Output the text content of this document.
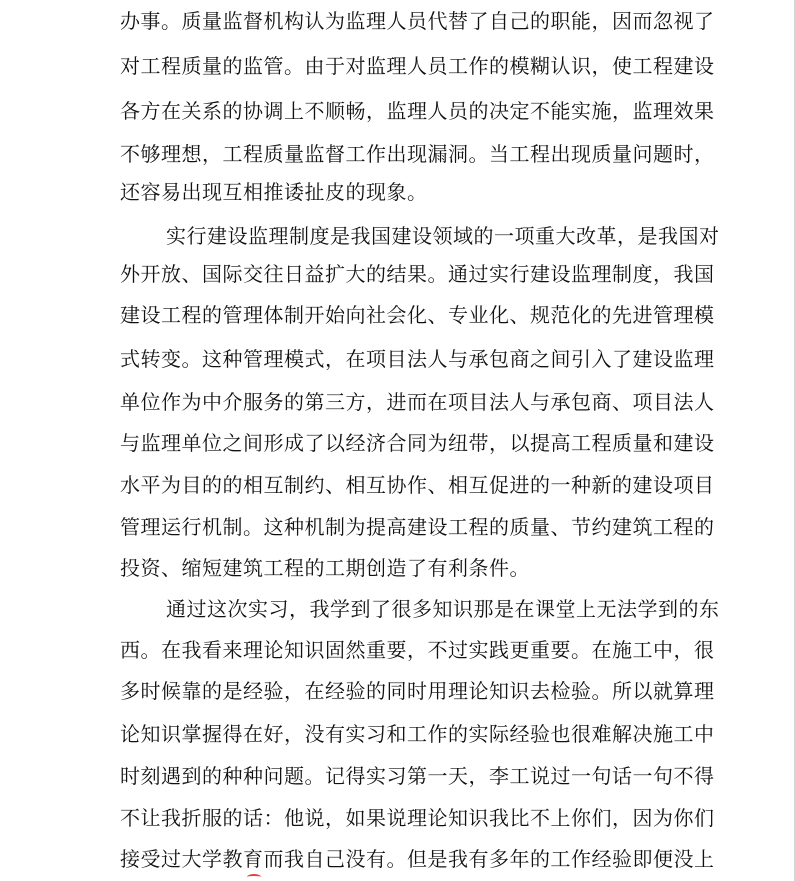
办事。质量监督机构认为监理人员代替了自己的职能，因而忽视了
对工程质量的监管。由于对监理人员工作的模糊认识，使工程建设
各方在关系的协调上不顺畅，监理人员的决定不能实施，监理效果
不够理想，工程质量监督工作出现漏洞。当工程出现质量问题时，
还容易出现互相推诿扯皮的现象。
实行建设监理制度是我国建设领域的一项重大改革，是我国对
外开放、国际交往日益扩大的结果。通过实行建设监理制度，我国
建设工程的管理体制开始向社会化、专业化、规范化的先进管理模
式转变。这种管理模式，在项目法人与承包商之间引入了建设监理
单位作为中介服务的第三方，进而在项目法人与承包商、项目法人
与监理单位之间形成了以经济合同为纽带，以提高工程质量和建设
水平为目的的相互制约、相互协作、相互促进的一种新的建设项目
管理运行机制。这种机制为提高建设工程的质量、节约建筑工程的
投资、缩短建筑工程的工期创造了有利条件。
通过这次实习，我学到了很多知识那是在课堂上无法学到的东
西。在我看来理论知识固然重要，不过实践更重要。在施工中，很
多时候靠的是经验，在经验的同时用理论知识去检验。所以就算理
论知识掌握得在好，没有实习和工作的实际经验也很难解决施工中
时刻遇到的种种问题。记得实习第一天，李工说过一句话一句不得
不让我折服的话：他说，如果说理论知识我比不上你们，因为你们
接受过大学教育而我自己没有。但是我有多年的工作经验即便没上
